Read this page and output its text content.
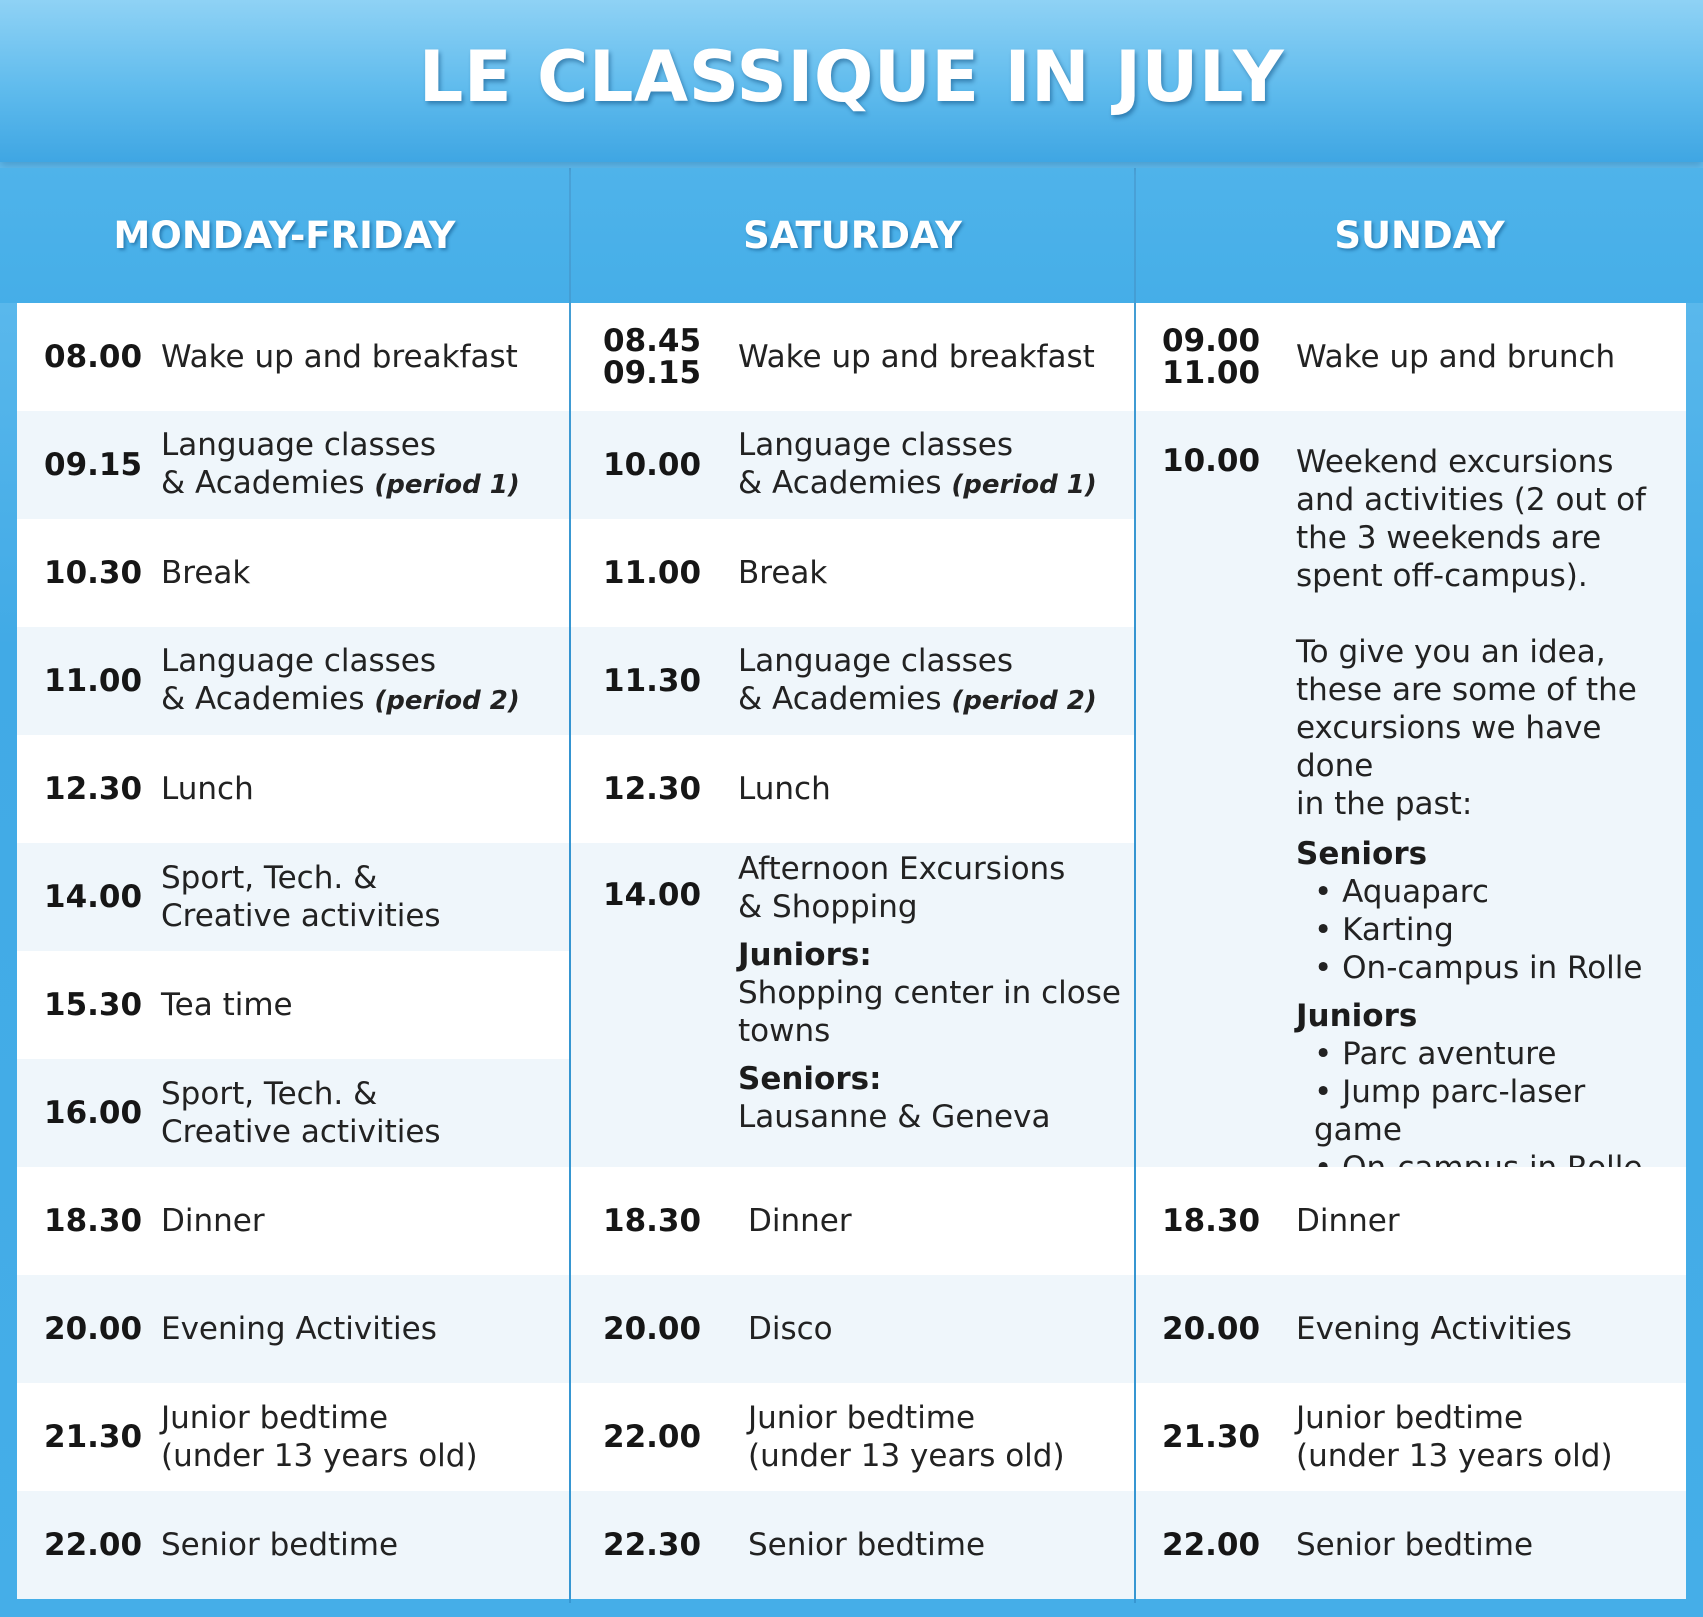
LE CLASSIQUE IN JULY
MONDAY-FRIDAY
08.00 Wake up and breakfast
09.15
Language classes
& Academies (period 1)
10.30 Break
11.00
Language classes
& Academies (period 2)
12.30 Lunch
14.00
Sport, Tech. &
Creative activities
15.30 Tea time
16.00
Sport, Tech. &
Creative activities
18.30 Dinner
20.00 Evening Activities
21.30
Junior bedtime
(under 13 years old)
22.00 Senior bedtime
SATURDAY
08.45
09.15 Wake up and breakfast
10.00
Language classes
& Academies (period 1)
11.00 Break
11.30
Language classes
& Academies (period 2)
12.30 Lunch
14.00
Afternoon Excursions
& Shopping
Juniors:
Shopping center in close
towns
Seniors:
Lausanne & Geneva
18.30 Dinner
20.00 Disco
22.00
Junior bedtime
(under 13 years old)
22.30 Senior bedtime
SUNDAY
09.00
11.00 Wake up and brunch
10.00 Weekend excursions
and activities (2 out of
the 3 weekends are
spent off-campus).
To give you an idea,
these are some of the
excursions we have done
in the past:
Seniors
• Aquaparc
• Karting
• On-campus in Rolle
Juniors
• Parc aventure
• Jump parc-laser game
•
18.30 Dinner
20.00 Evening Activities
21.30
Junior bedtime
(under 13 years old)
22.00 Senior bedtime
